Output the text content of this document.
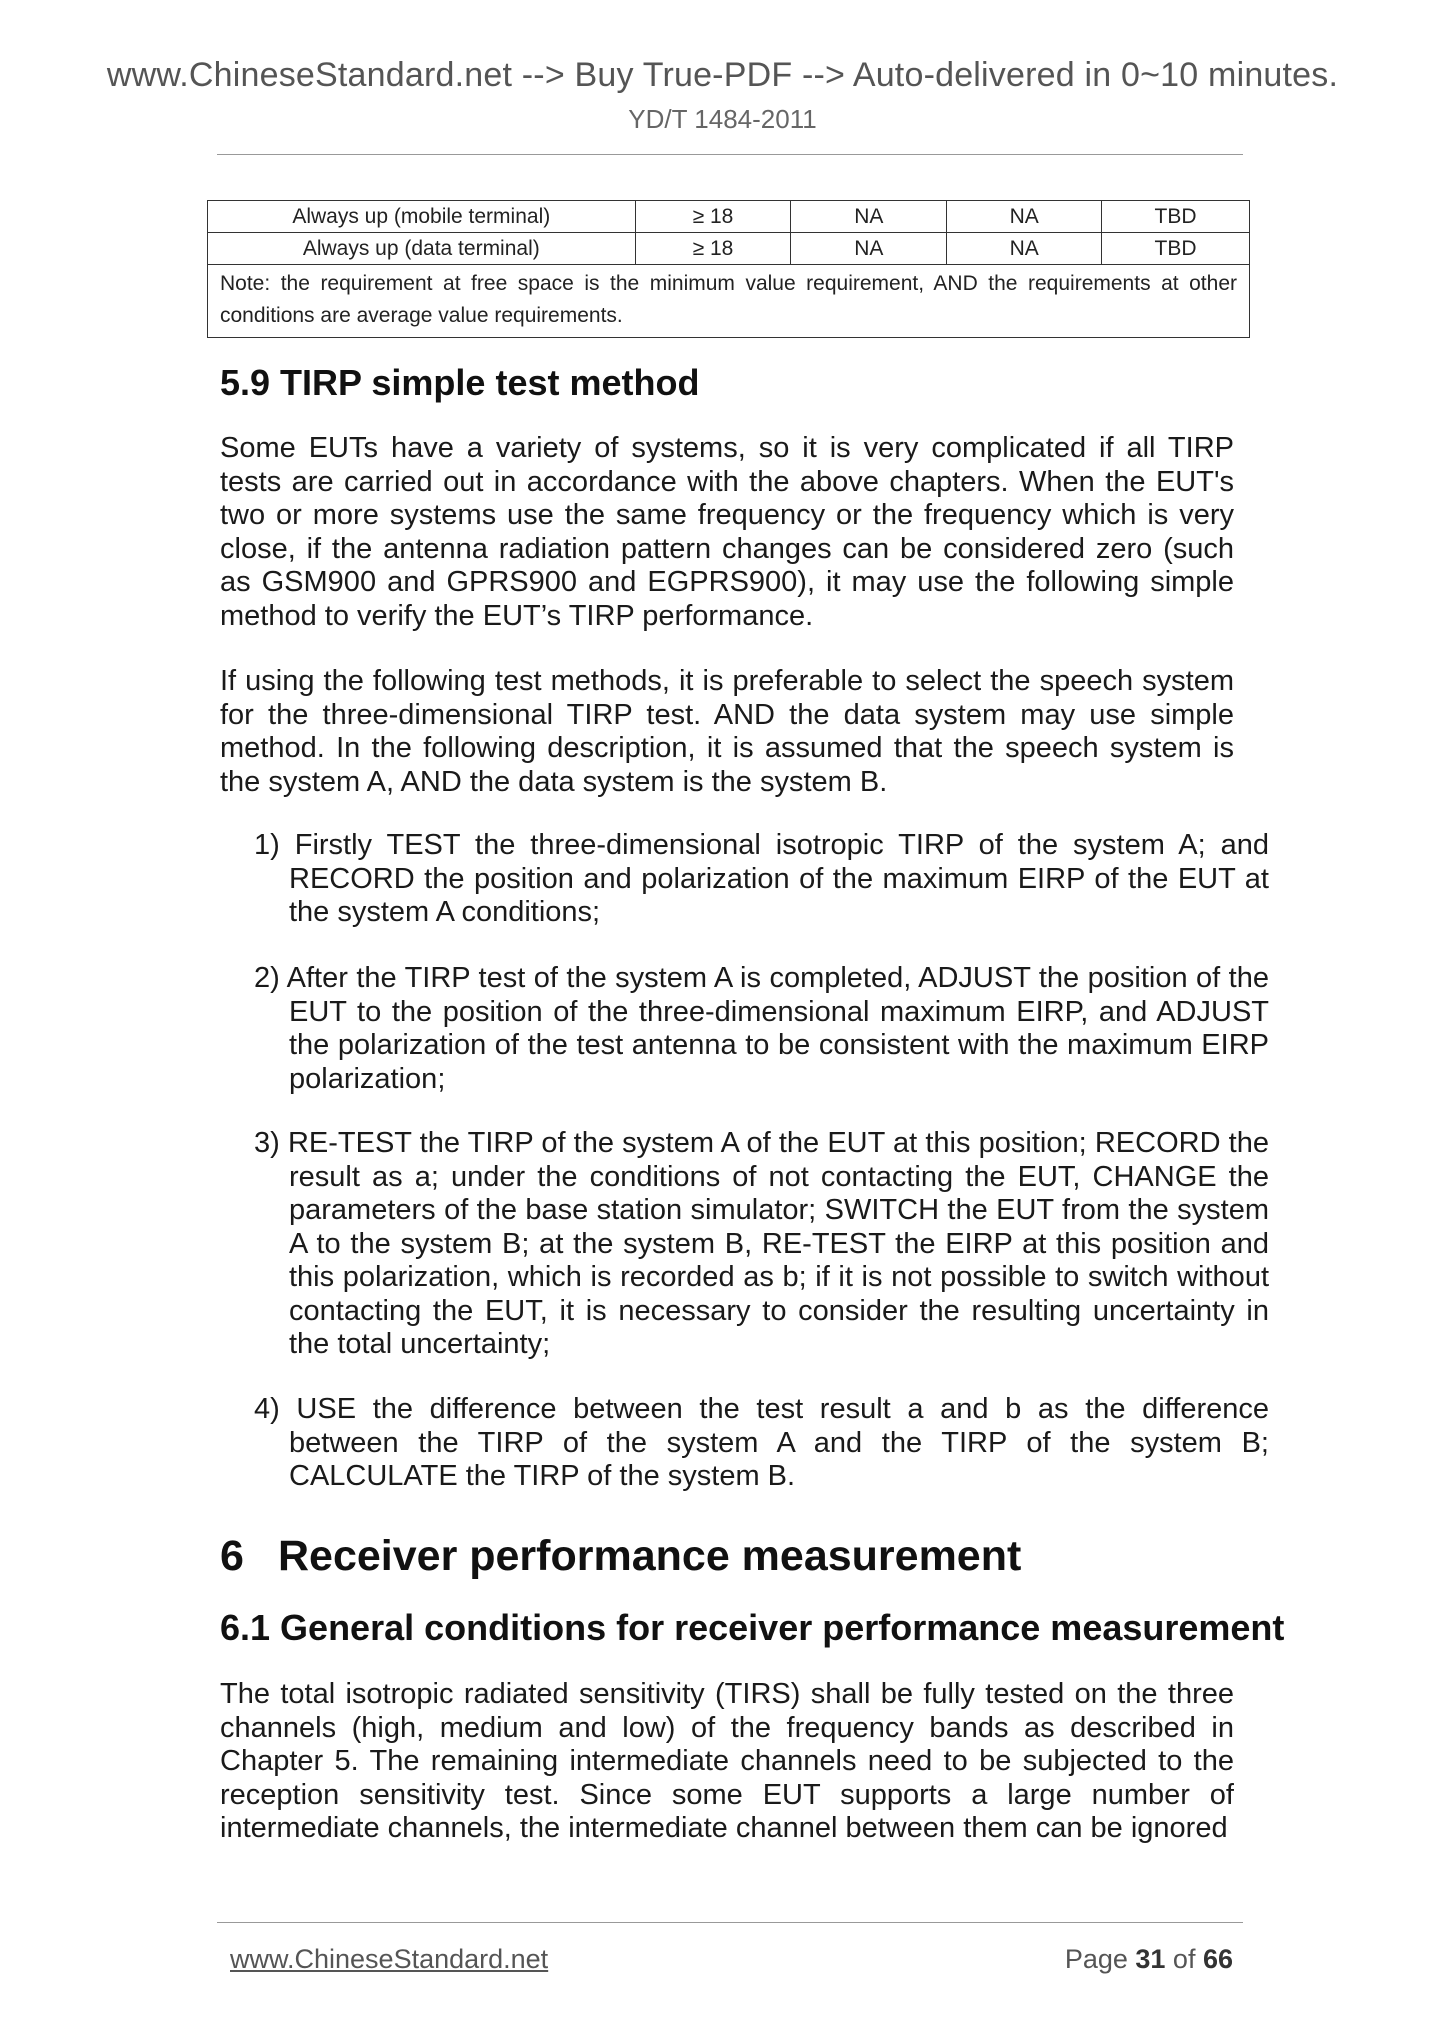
www.ChineseStandard.net --> Buy True-PDF --> Auto-delivered in 0~10 minutes.
YD/T 1484-2011
Always up (mobile terminal)	≥ 18	NA	NA	TBD
Always up (data terminal)	≥ 18	NA	NA	TBD
Note: the requirement at free space is the minimum value requirement, AND the requirements at other conditions are average value requirements.				
5.9 TIRP simple test method
Some EUTs have a variety of systems, so it is very complicated if all TIRP tests are carried out in accordance with the above chapters. When the EUT's two or more systems use the same frequency or the frequency which is very close, if the antenna radiation pattern changes can be considered zero (such as GSM900 and GPRS900 and EGPRS900), it may use the following simple method to verify the EUT’s TIRP performance.
If using the following test methods, it is preferable to select the speech system for the three-dimensional TIRP test. AND the data system may use simple method. In the following description, it is assumed that the speech system is the system A, AND the data system is the system B.
1) Firstly TEST the three-dimensional isotropic TIRP of the system A; and RECORD the position and polarization of the maximum EIRP of the EUT at the system A conditions;
2) After the TIRP test of the system A is completed, ADJUST the position of the EUT to the position of the three-dimensional maximum EIRP, and ADJUST the polarization of the test antenna to be consistent with the maximum EIRP polarization;
3) RE-TEST the TIRP of the system A of the EUT at this position; RECORD the result as a; under the conditions of not contacting the EUT, CHANGE the parameters of the base station simulator; SWITCH the EUT from the system A to the system B; at the system B, RE-TEST the EIRP at this position and this polarization, which is recorded as b; if it is not possible to switch without contacting the EUT, it is necessary to consider the resulting uncertainty in the total uncertainty;
4) USE the difference between the test result a and b as the difference between the TIRP of the system A and the TIRP of the system B; CALCULATE the TIRP of the system B.
6 Receiver performance measurement
6.1 General conditions for receiver performance measurement
The total isotropic radiated sensitivity (TIRS) shall be fully tested on the three channels (high, medium and low) of the frequency bands as described in Chapter 5. The remaining intermediate channels need to be subjected to the reception sensitivity test. Since some EUT supports a large number of intermediate channels, the intermediate channel between them can be ignored
www.ChineseStandard.net	Page 31 of 66
